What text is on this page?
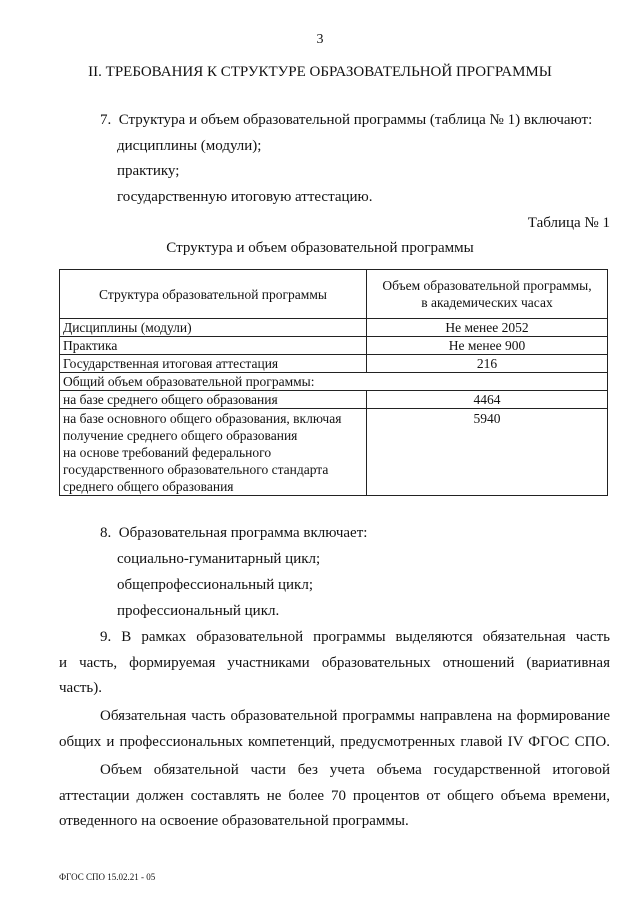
3
II. ТРЕБОВАНИЯ К СТРУКТУРЕ ОБРАЗОВАТЕЛЬНОЙ ПРОГРАММЫ
7.  Структура и объем образовательной программы (таблица № 1) включают:
дисциплины (модули);
практику;
государственную итоговую аттестацию.
Таблица № 1
Структура и объем образовательной программы
Структура образовательной программы	Объем образовательной программы,
в академических часах

Дисциплины (модули)	Не менее 2052
Практика	Не менее 900
Государственная итоговая аттестация	216
Общий объем образовательной программы:	
на базе среднего общего образования	4464

на базе основного общего образования, включая
получение среднего общего образования
на основе требований федерального
государственного образовательного стандарта
среднего общего образования	5940
8.  Образовательная программа включает:
социально-гуманитарный цикл;
общепрофессиональный цикл;
профессиональный цикл.
9. В рамках образовательной программы выделяются обязательная часть
и часть, формируемая участниками образовательных отношений (вариативная
часть).
Обязательная часть образовательной программы направлена на формирование
общих и профессиональных компетенций, предусмотренных главой IV ФГОС СПО.
Объем обязательной части без учета объема государственной итоговой
аттестации должен составлять не более 70 процентов от общего объема времени,
отведенного на освоение образовательной программы.
ФГОС СПО 15.02.21 - 05
